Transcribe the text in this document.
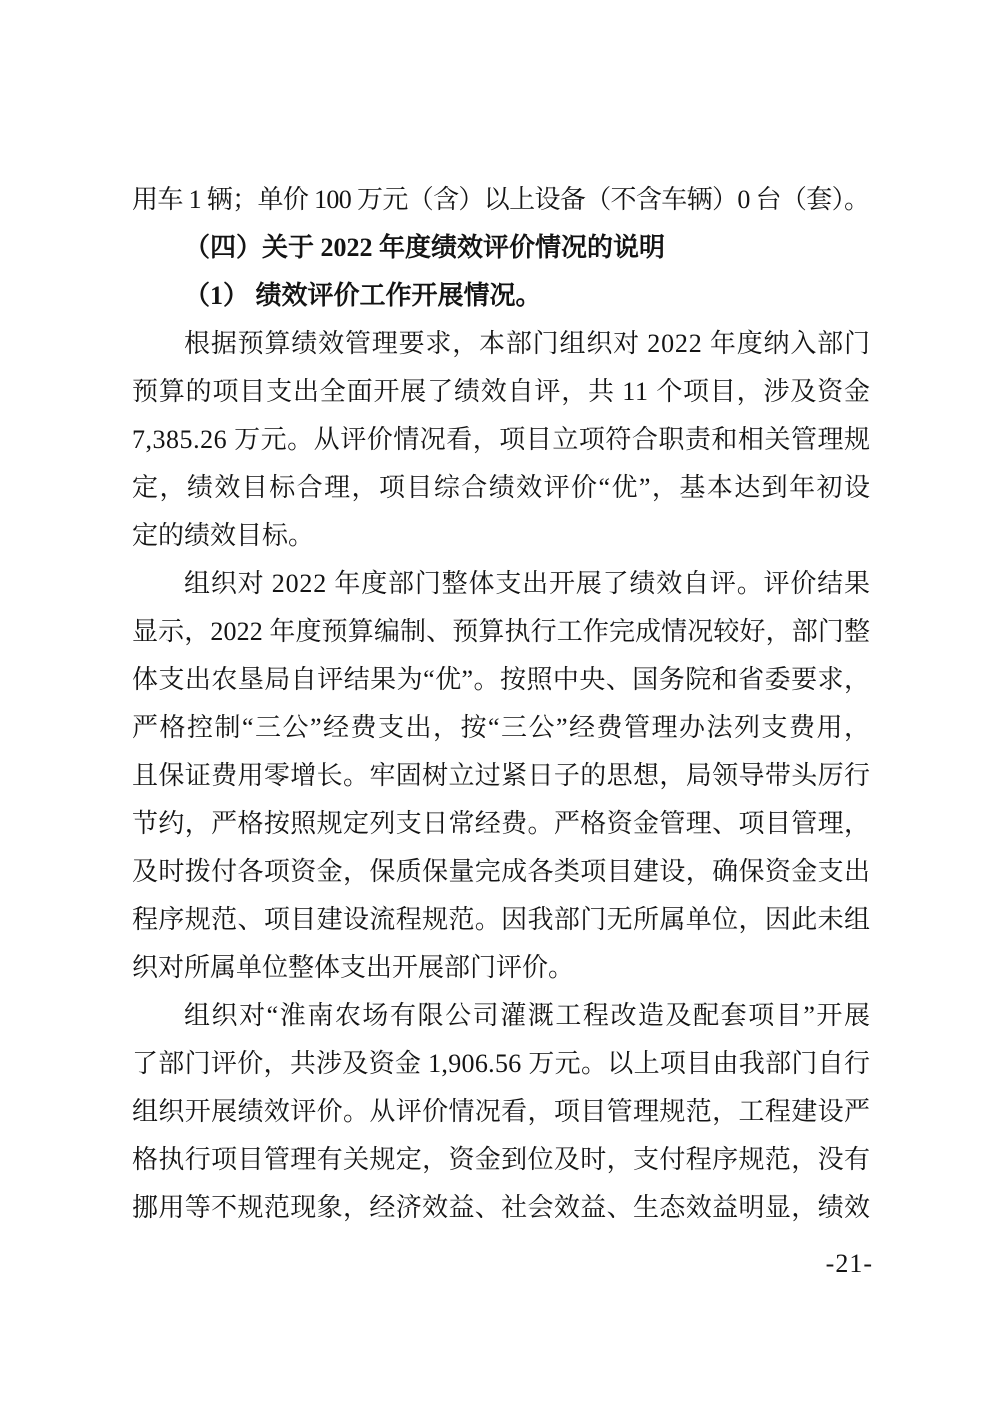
用车 1 辆；单价 100 万元（含）以上设备（不含车辆）0 台（套）。
（四）关于 2022 年度绩效评价情况的说明
（1） 绩效评价工作开展情况。
根据预算绩效管理要求，本部门组织对 2022 年度纳入部门
预算的项目支出全面开展了绩效自评，共 11 个项目，涉及资金
7,385.26 万元。从评价情况看，项目立项符合职责和相关管理规
定，绩效目标合理，项目综合绩效评价“优”，基本达到年初设
定的绩效目标。
组织对 2022 年度部门整体支出开展了绩效自评。评价结果
显示，2022 年度预算编制、预算执行工作完成情况较好，部门整
体支出农垦局自评结果为“优”。按照中央、国务院和省委要求，
严格控制“三公”经费支出，按“三公”经费管理办法列支费用，
且保证费用零增长。牢固树立过紧日子的思想，局领导带头厉行
节约，严格按照规定列支日常经费。严格资金管理、项目管理，
及时拨付各项资金，保质保量完成各类项目建设，确保资金支出
程序规范、项目建设流程规范。因我部门无所属单位，因此未组
织对所属单位整体支出开展部门评价。
组织对“淮南农场有限公司灌溉工程改造及配套项目”开展
了部门评价，共涉及资金 1,906.56 万元。以上项目由我部门自行
组织开展绩效评价。从评价情况看，项目管理规范，工程建设严
格执行项目管理有关规定，资金到位及时，支付程序规范，没有
挪用等不规范现象，经济效益、社会效益、生态效益明显，绩效
-21-
